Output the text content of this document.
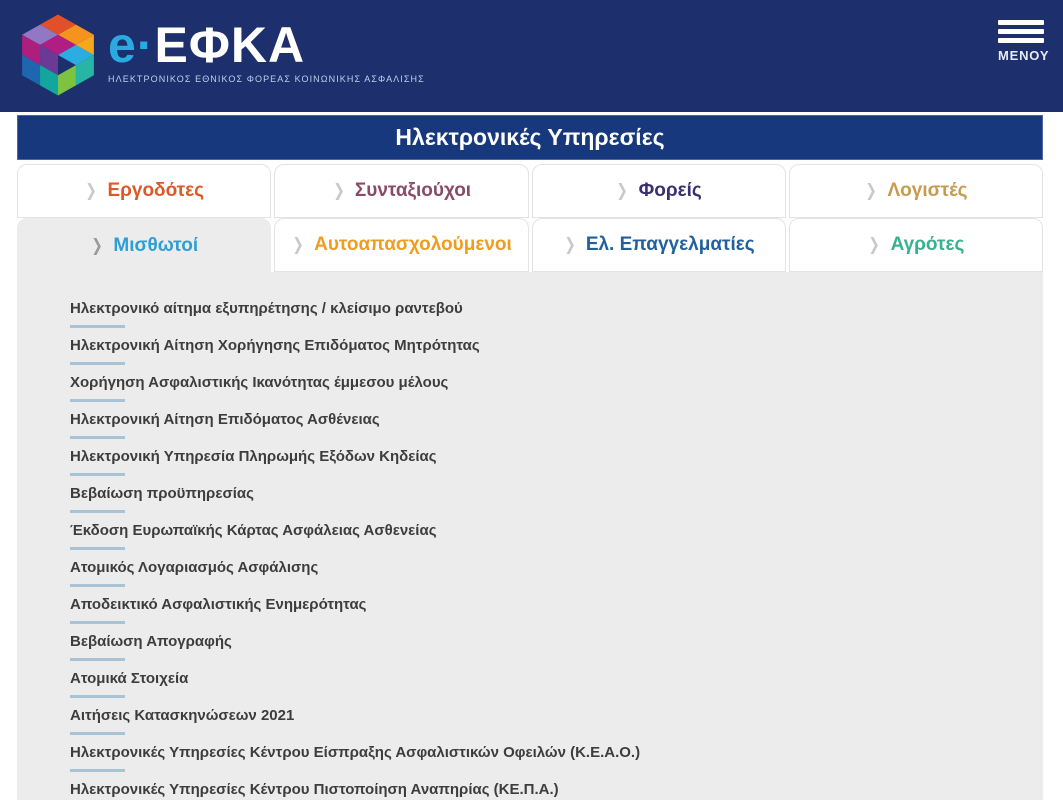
e·ΕΦΚΑ
ΗΛΕΚΤΡΟΝΙΚΟΣ ΕΘΝΙΚΟΣ ΦΟΡΕΑΣ ΚΟΙΝΩΝΙΚΗΣ ΑΣΦΑΛΙΣΗΣ
ΜΕΝΟΥ
Ηλεκτρονικές Υπηρεσίες
❯ Εργοδότες	❯ Συνταξιούχοι	❯ Φορείς	❯ Λογιστές
❯ Μισθωτοί	❯ Αυτοαπασχολούμενοι	❯ Ελ. Επαγγελματίες	❯ Αγρότες
Ηλεκτρονικό αίτημα εξυπηρέτησης / κλείσιμο ραντεβού
Ηλεκτρονική Αίτηση Χορήγησης Επιδόματος Μητρότητας
Χορήγηση Ασφαλιστικής Ικανότητας έμμεσου μέλους
Ηλεκτρονική Αίτηση Επιδόματος Ασθένειας
Ηλεκτρονική Υπηρεσία Πληρωμής Εξόδων Κηδείας
Βεβαίωση προϋπηρεσίας
Έκδοση Ευρωπαϊκής Κάρτας Ασφάλειας Ασθενείας
Ατομικός Λογαριασμός Ασφάλισης
Αποδεικτικό Ασφαλιστικής Ενημερότητας
Βεβαίωση Απογραφής
Ατομικά Στοιχεία
Αιτήσεις Κατασκηνώσεων 2021
Ηλεκτρονικές Υπηρεσίες Κέντρου Είσπραξης Ασφαλιστικών Οφειλών (Κ.Ε.Α.Ο.)
Ηλεκτρονικές Υπηρεσίες Κέντρου Πιστοποίηση Αναπηρίας (ΚΕ.Π.Α.)
